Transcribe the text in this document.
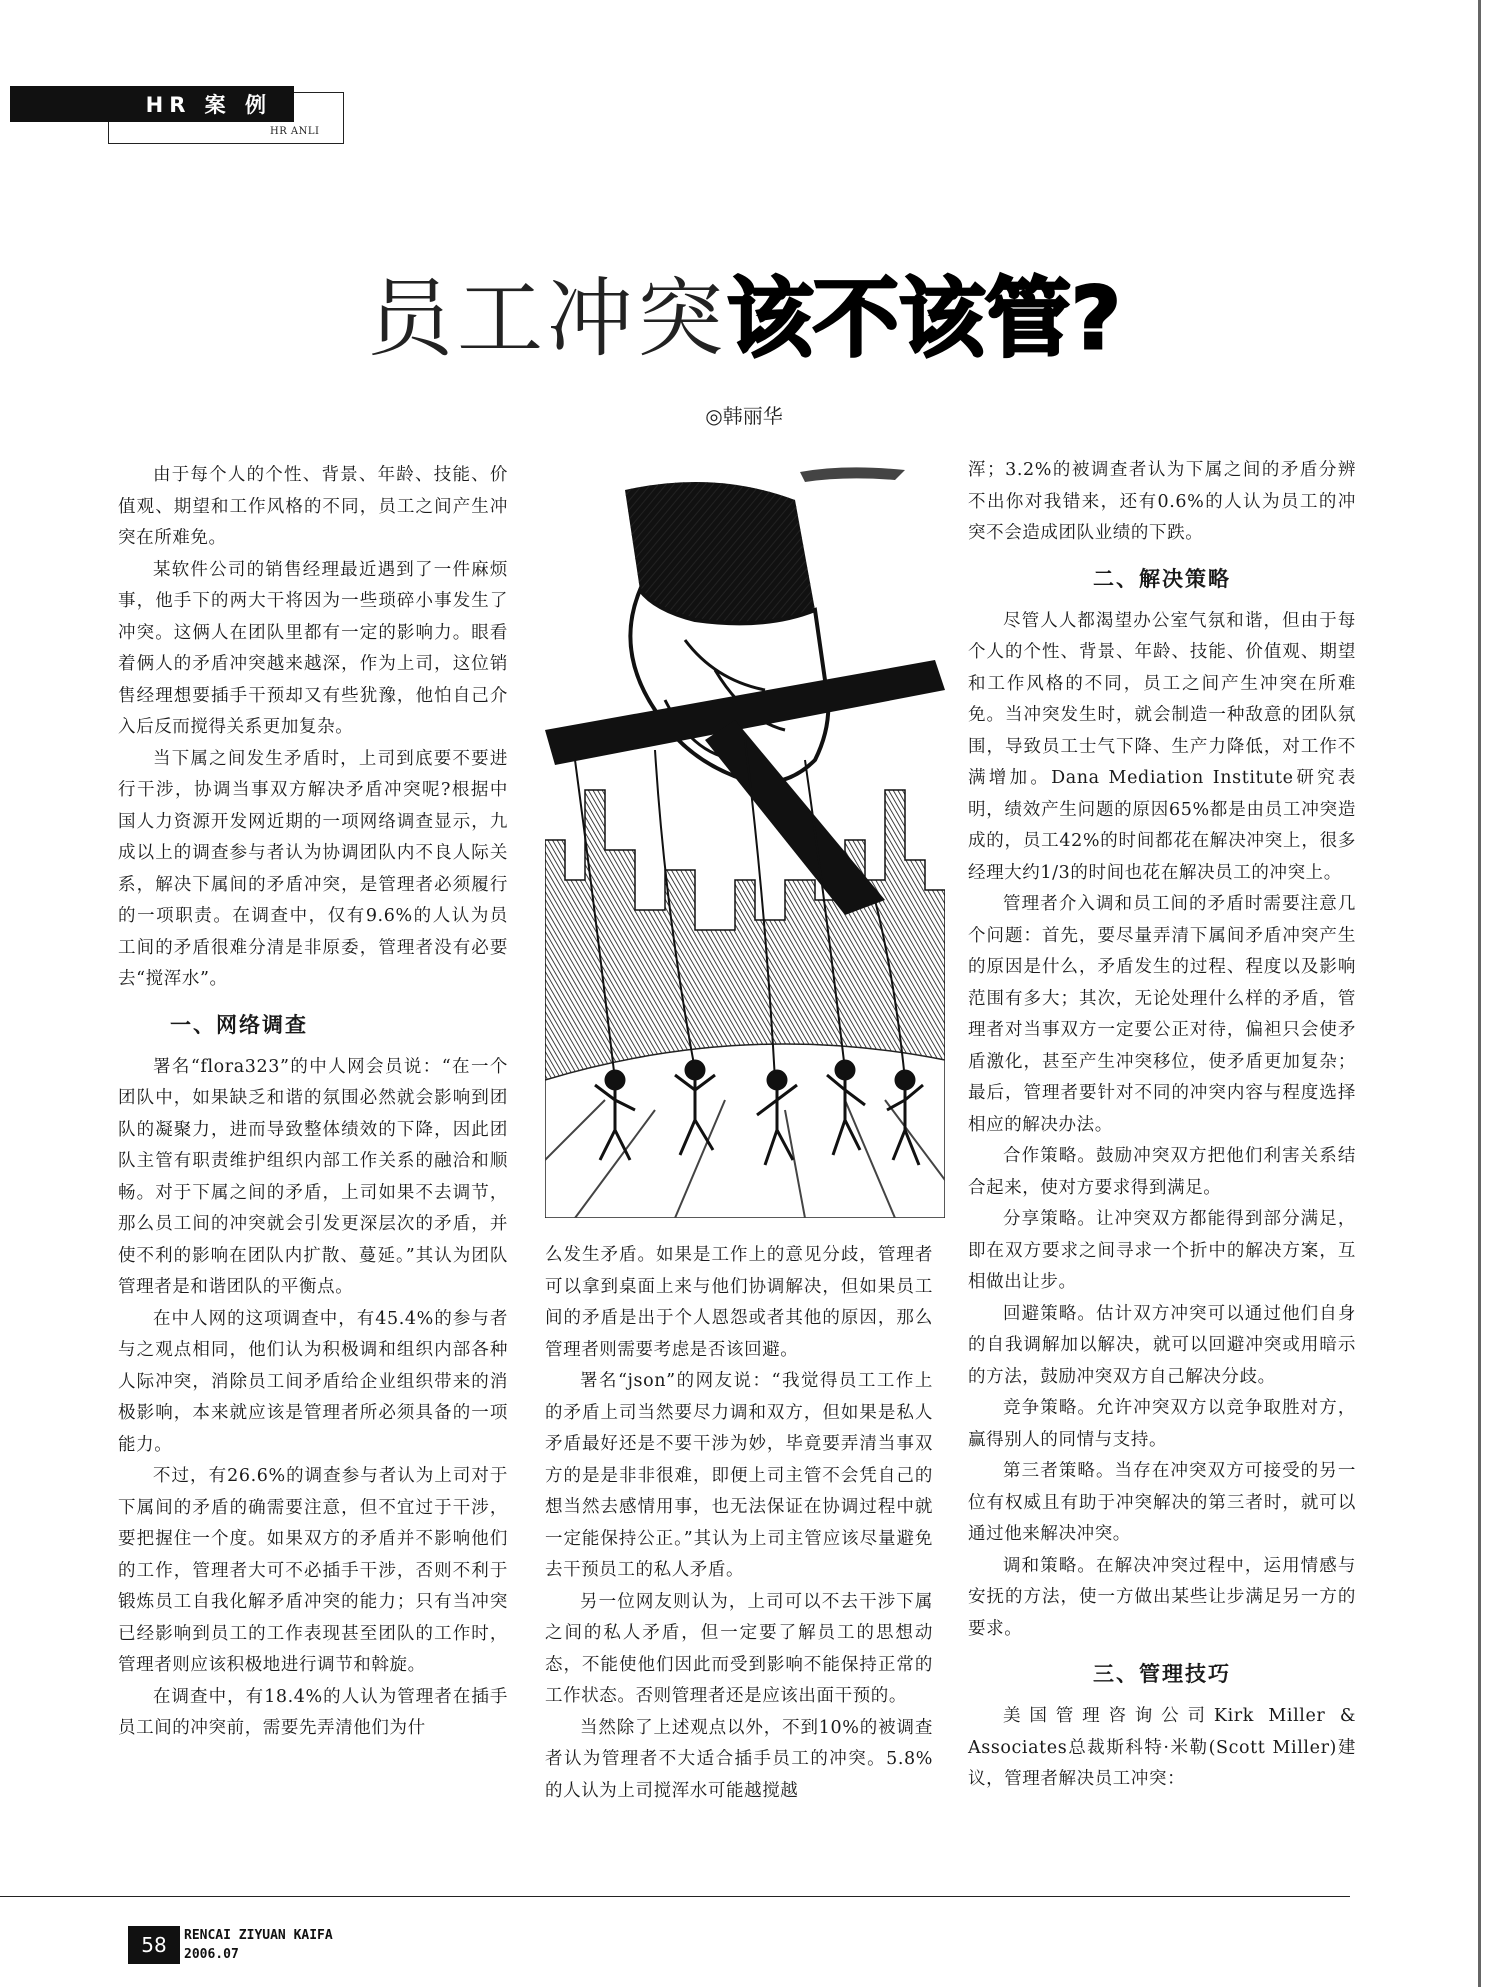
HR 案 例
HR ANLI
员工冲突该不该管?
◎韩丽华

由于每个人的个性、背景、年龄、技能、价值观、期望和工作风格的不同，员工之间产生冲突在所难免。

某软件公司的销售经理最近遇到了一件麻烦事，他手下的两大干将因为一些琐碎小事发生了冲突。这俩人在团队里都有一定的影响力。眼看着俩人的矛盾冲突越来越深，作为上司，这位销售经理想要插手干预却又有些犹豫，他怕自己介入后反而搅得关系更加复杂。

当下属之间发生矛盾时，上司到底要不要进行干涉，协调当事双方解决矛盾冲突呢?根据中国人力资源开发网近期的一项网络调查显示，九成以上的调查参与者认为协调团队内不良人际关系，解决下属间的矛盾冲突，是管理者必须履行的一项职责。在调查中，仅有9.6%的人认为员工间的矛盾很难分清是非原委，管理者没有必要去“搅浑水”。

一、网络调查

署名“flora323”的中人网会员说：“在一个团队中，如果缺乏和谐的氛围必然就会影响到团队的凝聚力，进而导致整体绩效的下降，因此团队主管有职责维护组织内部工作关系的融洽和顺畅。对于下属之间的矛盾，上司如果不去调节，那么员工间的冲突就会引发更深层次的矛盾，并使不利的影响在团队内扩散、蔓延。”其认为团队管理者是和谐团队的平衡点。

在中人网的这项调查中，有45.4%的参与者与之观点相同，他们认为积极调和组织内部各种人际冲突，消除员工间矛盾给企业组织带来的消极影响，本来就应该是管理者所必须具备的一项能力。

不过，有26.6%的调查参与者认为上司对于下属间的矛盾的确需要注意，但不宜过于干涉，要把握住一个度。如果双方的矛盾并不影响他们的工作，管理者大可不必插手干涉，否则不利于锻炼员工自我化解矛盾冲突的能力；只有当冲突已经影响到员工的工作表现甚至团队的工作时，管理者则应该积极地进行调节和斡旋。

在调查中，有18.4%的人认为管理者在插手员工间的冲突前，需要先弄清他们为什

么发生矛盾。如果是工作上的意见分歧，管理者可以拿到桌面上来与他们协调解决，但如果员工间的矛盾是出于个人恩怨或者其他的原因，那么管理者则需要考虑是否该回避。

署名“json”的网友说：“我觉得员工工作上的矛盾上司当然要尽力调和双方，但如果是私人矛盾最好还是不要干涉为妙，毕竟要弄清当事双方的是是非非很难，即便上司主管不会凭自己的想当然去感情用事，也无法保证在协调过程中就一定能保持公正。”其认为上司主管应该尽量避免去干预员工的私人矛盾。

另一位网友则认为，上司可以不去干涉下属之间的私人矛盾，但一定要了解员工的思想动态，不能使他们因此而受到影响不能保持正常的工作状态。否则管理者还是应该出面干预的。

当然除了上述观点以外，不到10%的被调查者认为管理者不大适合插手员工的冲突。5.8%的人认为上司搅浑水可能越搅越

浑；3.2%的被调查者认为下属之间的矛盾分辨不出你对我错来，还有0.6%的人认为员工的冲突不会造成团队业绩的下跌。

二、解决策略

尽管人人都渴望办公室气氛和谐，但由于每个人的个性、背景、年龄、技能、价值观、期望和工作风格的不同，员工之间产生冲突在所难免。当冲突发生时，就会制造一种敌意的团队氛围，导致员工士气下降、生产力降低，对工作不满增加。Dana Mediation Institute研究表明，绩效产生问题的原因65%都是由员工冲突造成的，员工42%的时间都花在解决冲突上，很多经理大约1/3的时间也花在解决员工的冲突上。

管理者介入调和员工间的矛盾时需要注意几个问题：首先，要尽量弄清下属间矛盾冲突产生的原因是什么，矛盾发生的过程、程度以及影响范围有多大；其次，无论处理什么样的矛盾，管理者对当事双方一定要公正对待，偏袒只会使矛盾激化，甚至产生冲突移位，使矛盾更加复杂；最后，管理者要针对不同的冲突内容与程度选择相应的解决办法。

合作策略。鼓励冲突双方把他们利害关系结合起来，使对方要求得到满足。

分享策略。让冲突双方都能得到部分满足，即在双方要求之间寻求一个折中的解决方案，互相做出让步。

回避策略。估计双方冲突可以通过他们自身的自我调解加以解决，就可以回避冲突或用暗示的方法，鼓励冲突双方自己解决分歧。

竞争策略。允许冲突双方以竞争取胜对方，赢得别人的同情与支持。

第三者策略。当存在冲突双方可接受的另一位有权威且有助于冲突解决的第三者时，就可以通过他来解决冲突。

调和策略。在解决冲突过程中，运用情感与安抚的方法，使一方做出某些让步满足另一方的要求。

三、管理技巧

美国管理咨询公司Kirk Miller & Associates总裁斯科特·米勒(Scott Miller)建议，管理者解决员工冲突：

58	RENCAI ZIYUAN KAIFA
2006.07
